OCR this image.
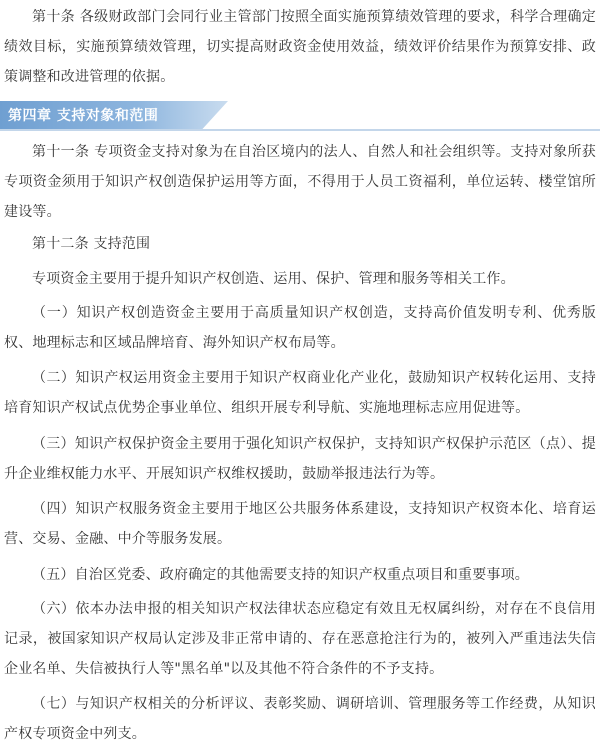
第十条 各级财政部门会同行业主管部门按照全面实施预算绩效管理的要求，科学合理确定绩效目标，实施预算绩效管理，切实提高财政资金使用效益，绩效评价结果作为预算安排、政策调整和改进管理的依据。

第四章 支持对象和范围

第十一条 专项资金支持对象为在自治区境内的法人、自然人和社会组织等。支持对象所获专项资金须用于知识产权创造保护运用等方面，不得用于人员工资福利，单位运转、楼堂馆所建设等。

第十二条 支持范围

专项资金主要用于提升知识产权创造、运用、保护、管理和服务等相关工作。

（一）知识产权创造资金主要用于高质量知识产权创造，支持高价值发明专利、优秀版权、地理标志和区域品牌培育、海外知识产权布局等。

（二）知识产权运用资金主要用于知识产权商业化产业化，鼓励知识产权转化运用、支持培育知识产权试点优势企事业单位、组织开展专利导航、实施地理标志应用促进等。

（三）知识产权保护资金主要用于强化知识产权保护，支持知识产权保护示范区（点）、提升企业维权能力水平、开展知识产权维权援助，鼓励举报违法行为等。

（四）知识产权服务资金主要用于地区公共服务体系建设，支持知识产权资本化、培育运营、交易、金融、中介等服务发展。

（五）自治区党委、政府确定的其他需要支持的知识产权重点项目和重要事项。

（六）依本办法申报的相关知识产权法律状态应稳定有效且无权属纠纷，对存在不良信用记录，被国家知识产权局认定涉及非正常申请的、存在恶意抢注行为的，被列入严重违法失信企业名单、失信被执行人等"黑名单"以及其他不符合条件的不予支持。

（七）与知识产权相关的分析评议、表彰奖励、调研培训、管理服务等工作经费，从知识产权专项资金中列支。
